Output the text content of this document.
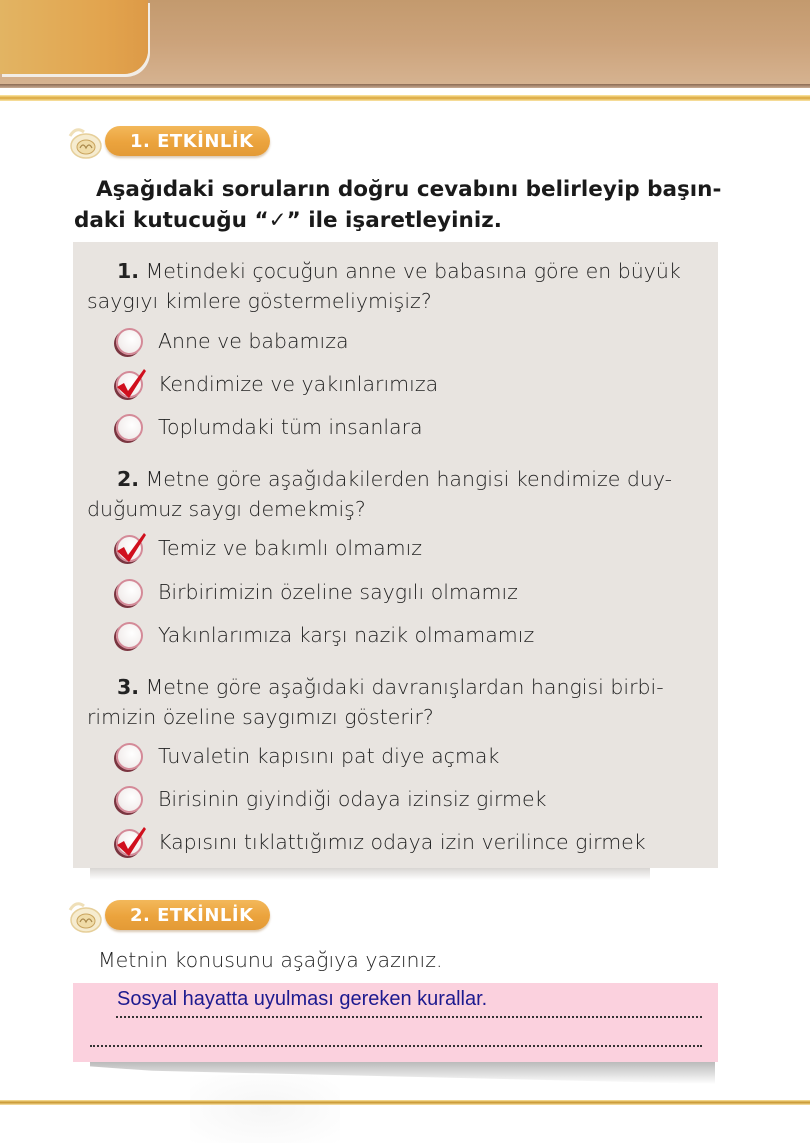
1. ETKİNLİK
Aşağıdaki soruların doğru cevabını belirleyip başın-
daki kutucuğu “✓” ile işaretleyiniz.
1. Metindeki çocuğun anne ve babasına göre en büyük
saygıyı kimlere göstermeliymişiz?
Anne ve babamıza
Kendimize ve yakınlarımıza
Toplumdaki tüm insanlara
2. Metne göre aşağıdakilerden hangisi kendimize duy-
duğumuz saygı demekmiş?
Temiz ve bakımlı olmamız
Birbirimizin özeline saygılı olmamız
Yakınlarımıza karşı nazik olmamamız
3. Metne göre aşağıdaki davranışlardan hangisi birbi-
rimizin özeline saygımızı gösterir?
Tuvaletin kapısını pat diye açmak
Birisinin giyindiği odaya izinsiz girmek
Kapısını tıklattığımız odaya izin verilince girmek
2. ETKİNLİK
Metnin konusunu aşağıya yazınız.
Sosyal hayatta uyulması gereken kurallar.
